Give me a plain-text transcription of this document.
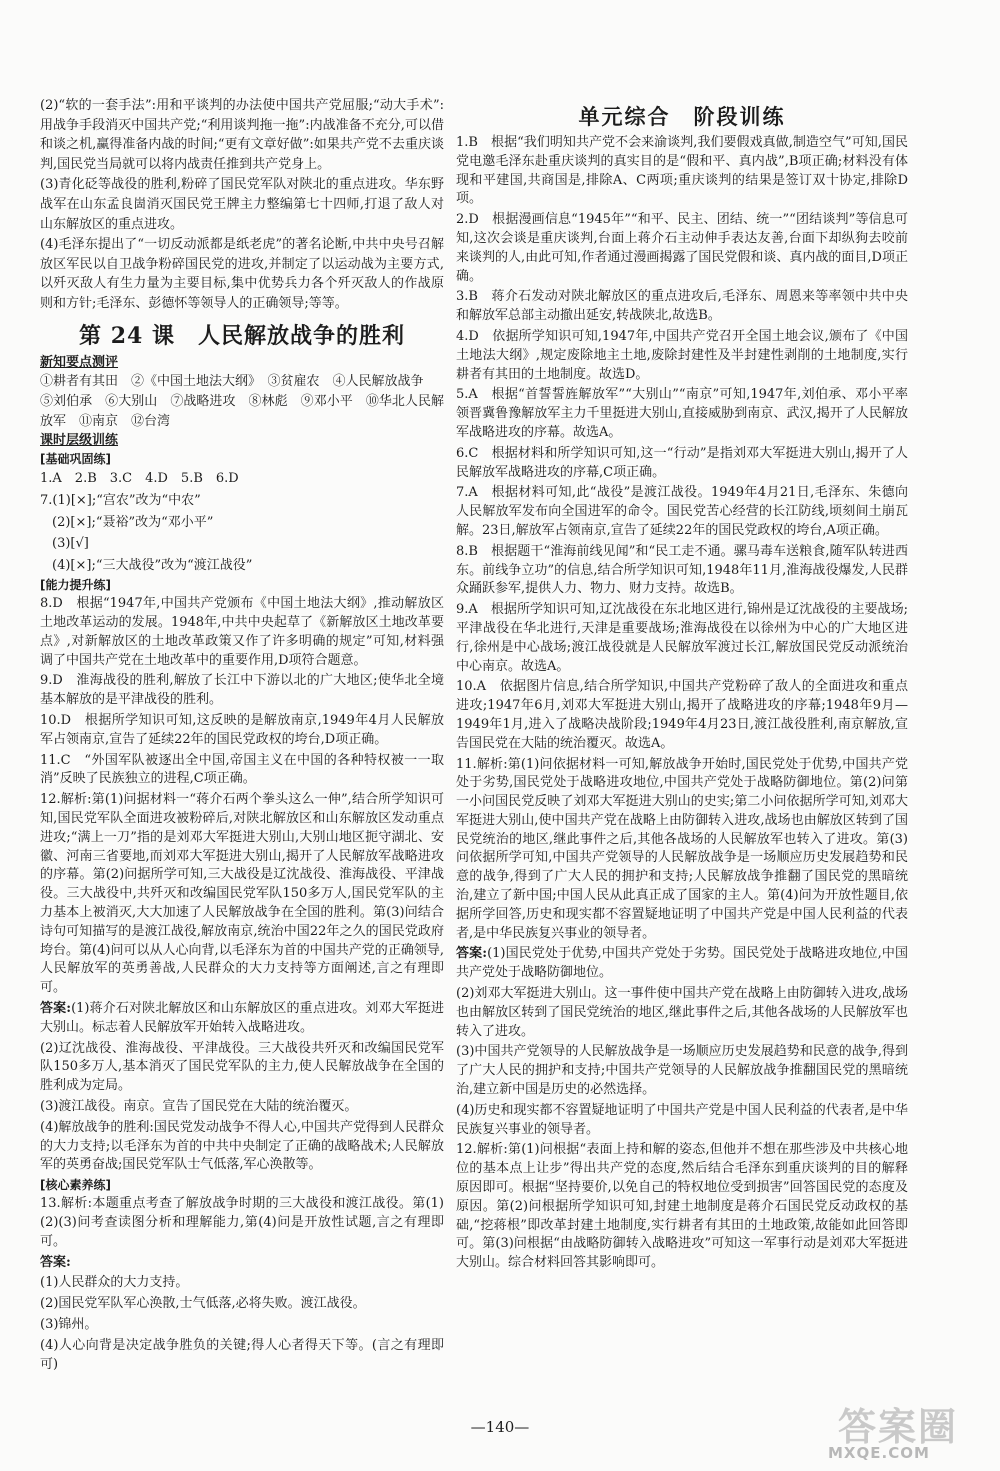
(2)“软的一套手法”:用和平谈判的办法使中国共产党屈服;“动大手术”:用战争手段消灭中国共产党;“利用谈判拖一拖”:内战准备不充分,可以借和谈之机,赢得准备内战的时间;“更有文章好做”:如果共产党不去重庆谈判,国民党当局就可以将内战责任推到共产党身上。

(3)青化砭等战役的胜利,粉碎了国民党军队对陕北的重点进攻。华东野战军在山东孟良崮消灭国民党王牌主力整编第七十四师,打退了敌人对山东解放区的重点进攻。

(4)毛泽东提出了“一切反动派都是纸老虎”的著名论断,中共中央号召解放区军民以自卫战争粉碎国民党的进攻,并制定了以运动战为主要方式,以歼灭敌人有生力量为主要目标,集中优势兵力各个歼灭敌人的作战原则和方针;毛泽东、彭德怀等领导人的正确领导;等等。

第 24 课　人民解放战争的胜利
新知要点测评

①耕者有其田　②《中国土地法大纲》　③贫雇农　④人民解放战争

⑤刘伯承　⑥大别山　⑦战略进攻　⑧林彪　⑨邓小平　⑩华北人民解放军　⑪南京　⑫台湾

课时层级训练
[基础巩固练]

1.A　2.B　3.C　4.D　5.B　6.D

7.(1)[×];“宫农”改为“中农”

(2)[×];“聂裕”改为“邓小平”

(3)[√]

(4)[×];“三大战役”改为“渡江战役”

[能力提升练]

8.D　根据“1947年,中国共产党颁布《中国土地法大纲》,推动解放区土地改革运动的发展。1948年,中共中央起草了《新解放区土地改革要点》,对新解放区的土地改革政策又作了许多明确的规定”可知,材料强调了中国共产党在土地改革中的重要作用,D项符合题意。

9.D　淮海战役的胜利,解放了长江中下游以北的广大地区;使华北全境基本解放的是平津战役的胜利。

10.D　根据所学知识可知,这反映的是解放南京,1949年4月人民解放军占领南京,宣告了延续22年的国民党政权的垮台,D项正确。

11.C　“外国军队被逐出全中国,帝国主义在中国的各种特权被一一取消”反映了民族独立的进程,C项正确。

12.解析:第(1)问据材料一“蒋介石两个拳头这么一伸”,结合所学知识可知,国民党军队全面进攻被粉碎后,对陕北解放区和山东解放区发动重点进攻;“满上一刀”指的是刘邓大军挺进大别山,大别山地区扼守湖北、安徽、河南三省要地,而刘邓大军挺进大别山,揭开了人民解放军战略进攻的序幕。第(2)问据所学可知,三大战役是辽沈战役、淮海战役、平津战役。三大战役中,共歼灭和改编国民党军队150多万人,国民党军队的主力基本上被消灭,大大加速了人民解放战争在全国的胜利。第(3)问结合诗句可知描写的是渡江战役,解放南京,统治中国22年之久的国民党政府垮台。第(4)问可以从人心向背,以毛泽东为首的中国共产党的正确领导,人民解放军的英勇善战,人民群众的大力支持等方面阐述,言之有理即可。

答案:(1)蒋介石对陕北解放区和山东解放区的重点进攻。刘邓大军挺进大别山。标志着人民解放军开始转入战略进攻。

(2)辽沈战役、淮海战役、平津战役。三大战役共歼灭和改编国民党军队150多万人,基本消灭了国民党军队的主力,使人民解放战争在全国的胜利成为定局。

(3)渡江战役。南京。宣告了国民党在大陆的统治覆灭。

(4)解放战争的胜利:国民党发动战争不得人心,中国共产党得到人民群众的大力支持;以毛泽东为首的中共中央制定了正确的战略战术;人民解放军的英勇奋战;国民党军队士气低落,军心涣散等。

[核心素养练]

13.解析:本题重点考查了解放战争时期的三大战役和渡江战役。第(1)(2)(3)问考查读图分析和理解能力,第(4)问是开放性试题,言之有理即可。

答案:

(1)人民群众的大力支持。

(2)国民党军队军心涣散,士气低落,必将失败。渡江战役。

(3)锦州。

(4)人心向背是决定战争胜负的关键;得人心者得天下等。(言之有理即可)

单元综合　阶段训练

1.B　根据“我们明知共产党不会来渝谈判,我们要假戏真做,制造空气”可知,国民党电邀毛泽东赴重庆谈判的真实目的是“假和平、真内战”,B项正确;材料没有体现和平建国,共商国是,排除A、C两项;重庆谈判的结果是签订双十协定,排除D项。

2.D　根据漫画信息“1945年”“和平、民主、团结、统一”“团结谈判”等信息可知,这次会谈是重庆谈判,台面上蒋介石主动伸手表达友善,台面下却纵狗去咬前来谈判的人,由此可知,作者通过漫画揭露了国民党假和谈、真内战的面目,D项正确。

3.B　蒋介石发动对陕北解放区的重点进攻后,毛泽东、周恩来等率领中共中央和解放军总部主动撤出延安,转战陕北,故选B。

4.D　依据所学知识可知,1947年,中国共产党召开全国土地会议,颁布了《中国土地法大纲》,规定废除地主土地,废除封建性及半封建性剥削的土地制度,实行耕者有其田的土地制度。故选D。

5.A　根据“首誓誓旌解放军”“大别山”“南京”可知,1947年,刘伯承、邓小平率领晋冀鲁豫解放军主力千里挺进大别山,直接威胁到南京、武汉,揭开了人民解放军战略进攻的序幕。故选A。

6.C　根据材料和所学知识可知,这一“行动”是指刘邓大军挺进大别山,揭开了人民解放军战略进攻的序幕,C项正确。

7.A　根据材料可知,此“战役”是渡江战役。1949年4月21日,毛泽东、朱德向人民解放军发布向全国进军的命令。国民党苦心经营的长江防线,顷刻间土崩瓦解。23日,解放军占领南京,宣告了延续22年的国民党政权的垮台,A项正确。

8.B　根据题干“淮海前线见闻”和“民工走不通。骡马毒车送粮食,随军队转进西东。前线争立功”的信息,结合所学知识可知,1948年11月,淮海战役爆发,人民群众踊跃参军,提供人力、物力、财力支持。故选B。

9.A　根据所学知识可知,辽沈战役在东北地区进行,锦州是辽沈战役的主要战场;平津战役在华北进行,天津是重要战场;淮海战役在以徐州为中心的广大地区进行,徐州是中心战场;渡江战役就是人民解放军渡过长江,解放国民党反动派统治中心南京。故选A。

10.A　依据图片信息,结合所学知识,中国共产党粉碎了敌人的全面进攻和重点进攻;1947年6月,刘邓大军挺进大别山,揭开了战略进攻的序幕;1948年9月—1949年1月,进入了战略决战阶段;1949年4月23日,渡江战役胜利,南京解放,宣告国民党在大陆的统治覆灭。故选A。

11.解析:第(1)问依据材料一可知,解放战争开始时,国民党处于优势,中国共产党处于劣势,国民党处于战略进攻地位,中国共产党处于战略防御地位。第(2)问第一小问国民党反映了刘邓大军挺进大别山的史实;第二小问依据所学可知,刘邓大军挺进大别山,使中国共产党在战略上由防御转入进攻,战场也由解放区转到了国民党统治的地区,继此事件之后,其他各战场的人民解放军也转入了进攻。第(3)问依据所学可知,中国共产党领导的人民解放战争是一场顺应历史发展趋势和民意的战争,得到了广大人民的拥护和支持;人民解放战争推翻了国民党的黑暗统治,建立了新中国;中国人民从此真正成了国家的主人。第(4)问为开放性题目,依据所学回答,历史和现实都不容置疑地证明了中国共产党是中国人民利益的代表者,是中华民族复兴事业的领导者。

答案:(1)国民党处于优势,中国共产党处于劣势。国民党处于战略进攻地位,中国共产党处于战略防御地位。

(2)刘邓大军挺进大别山。这一事件使中国共产党在战略上由防御转入进攻,战场也由解放区转到了国民党统治的地区,继此事件之后,其他各战场的人民解放军也转入了进攻。

(3)中国共产党领导的人民解放战争是一场顺应历史发展趋势和民意的战争,得到了广大人民的拥护和支持;中国共产党领导的人民解放战争推翻国民党的黑暗统治,建立新中国是历史的必然选择。

(4)历史和现实都不容置疑地证明了中国共产党是中国人民利益的代表者,是中华民族复兴事业的领导者。

12.解析:第(1)问根据“表面上持和解的姿态,但他并不想在那些涉及中共核心地位的基本点上让步”得出共产党的态度,然后结合毛泽东到重庆谈判的目的解释原因即可。根据“坚持要价,以免自己的特权地位受到损害”回答国民党的态度及原因。第(2)问根据所学知识可知,封建土地制度是蒋介石国民党反动政权的基础,“挖蒋根”即改革封建土地制度,实行耕者有其田的土地政策,故能如此回答即可。第(3)问根据“由战略防御转入战略进攻”可知这一军事行动是刘邓大军挺进大别山。综合材料回答其影响即可。

—140—	答案圈
MXQE.COM
